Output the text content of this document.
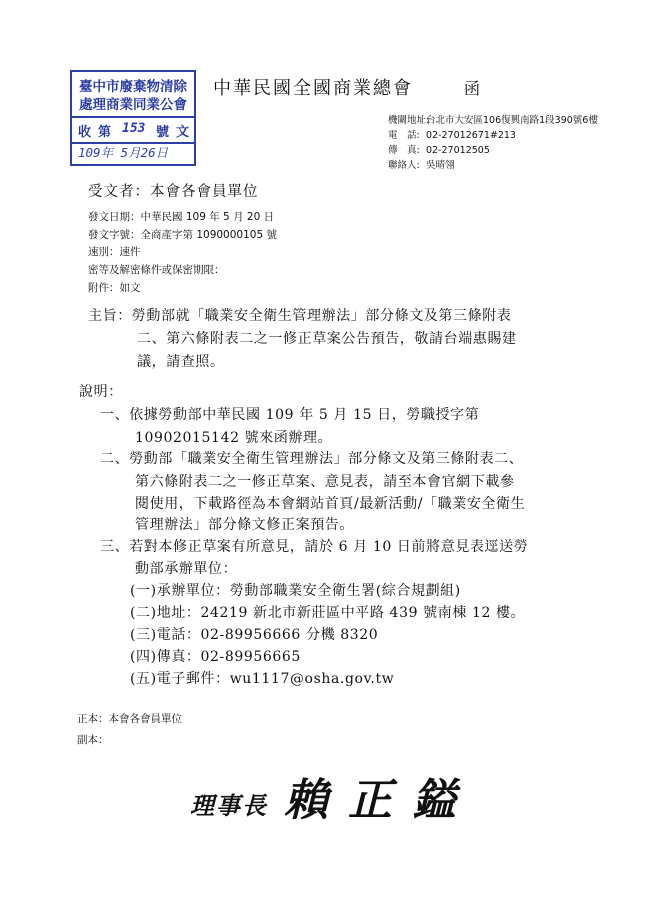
臺中市廢棄物清除
處理商業同業公會
收 第 153 號 文
109年 5月26日
中華民國全國商業總會	函
機關地址:台北市大安區106復興南路1段390號6樓
電　話: 02-27012671#213
傳　真: 02-27012505
聯絡人: 吳晴翎
受文者：本會各會員單位
發文日期：中華民國 109 年 5 月 20 日
發文字號：全商產字第 1090000105 號
速別：速件
密等及解密條件或保密期限：
附件：如文
主旨：勞動部就「職業安全衛生管理辦法」部分條文及第三條附表
二、第六條附表二之一修正草案公告預告，敬請台端惠賜建
議，請查照。
說明：
一、依據勞動部中華民國 109 年 5 月 15 日，勞職授字第
10902015142 號來函辦理。
二、勞動部「職業安全衛生管理辦法」部分條文及第三條附表二、
第六條附表二之一修正草案、意見表，請至本會官網下載參
閱使用，下載路徑為本會網站首頁/最新活動/「職業安全衛生
管理辦法」部分條文修正案預告。
三、若對本修正草案有所意見，請於 6 月 10 日前將意見表逕送勞
動部承辦單位：
(一)承辦單位：勞動部職業安全衛生署(綜合規劃組)
(二)地址：24219 新北市新莊區中平路 439 號南棟 12 樓。
(三)電話：02-89956666 分機 8320
(四)傳真：02-89956665
(五)電子郵件：wu1117@osha.gov.tw
正本：本會各會員單位
副本：
理事長 賴正鎰
